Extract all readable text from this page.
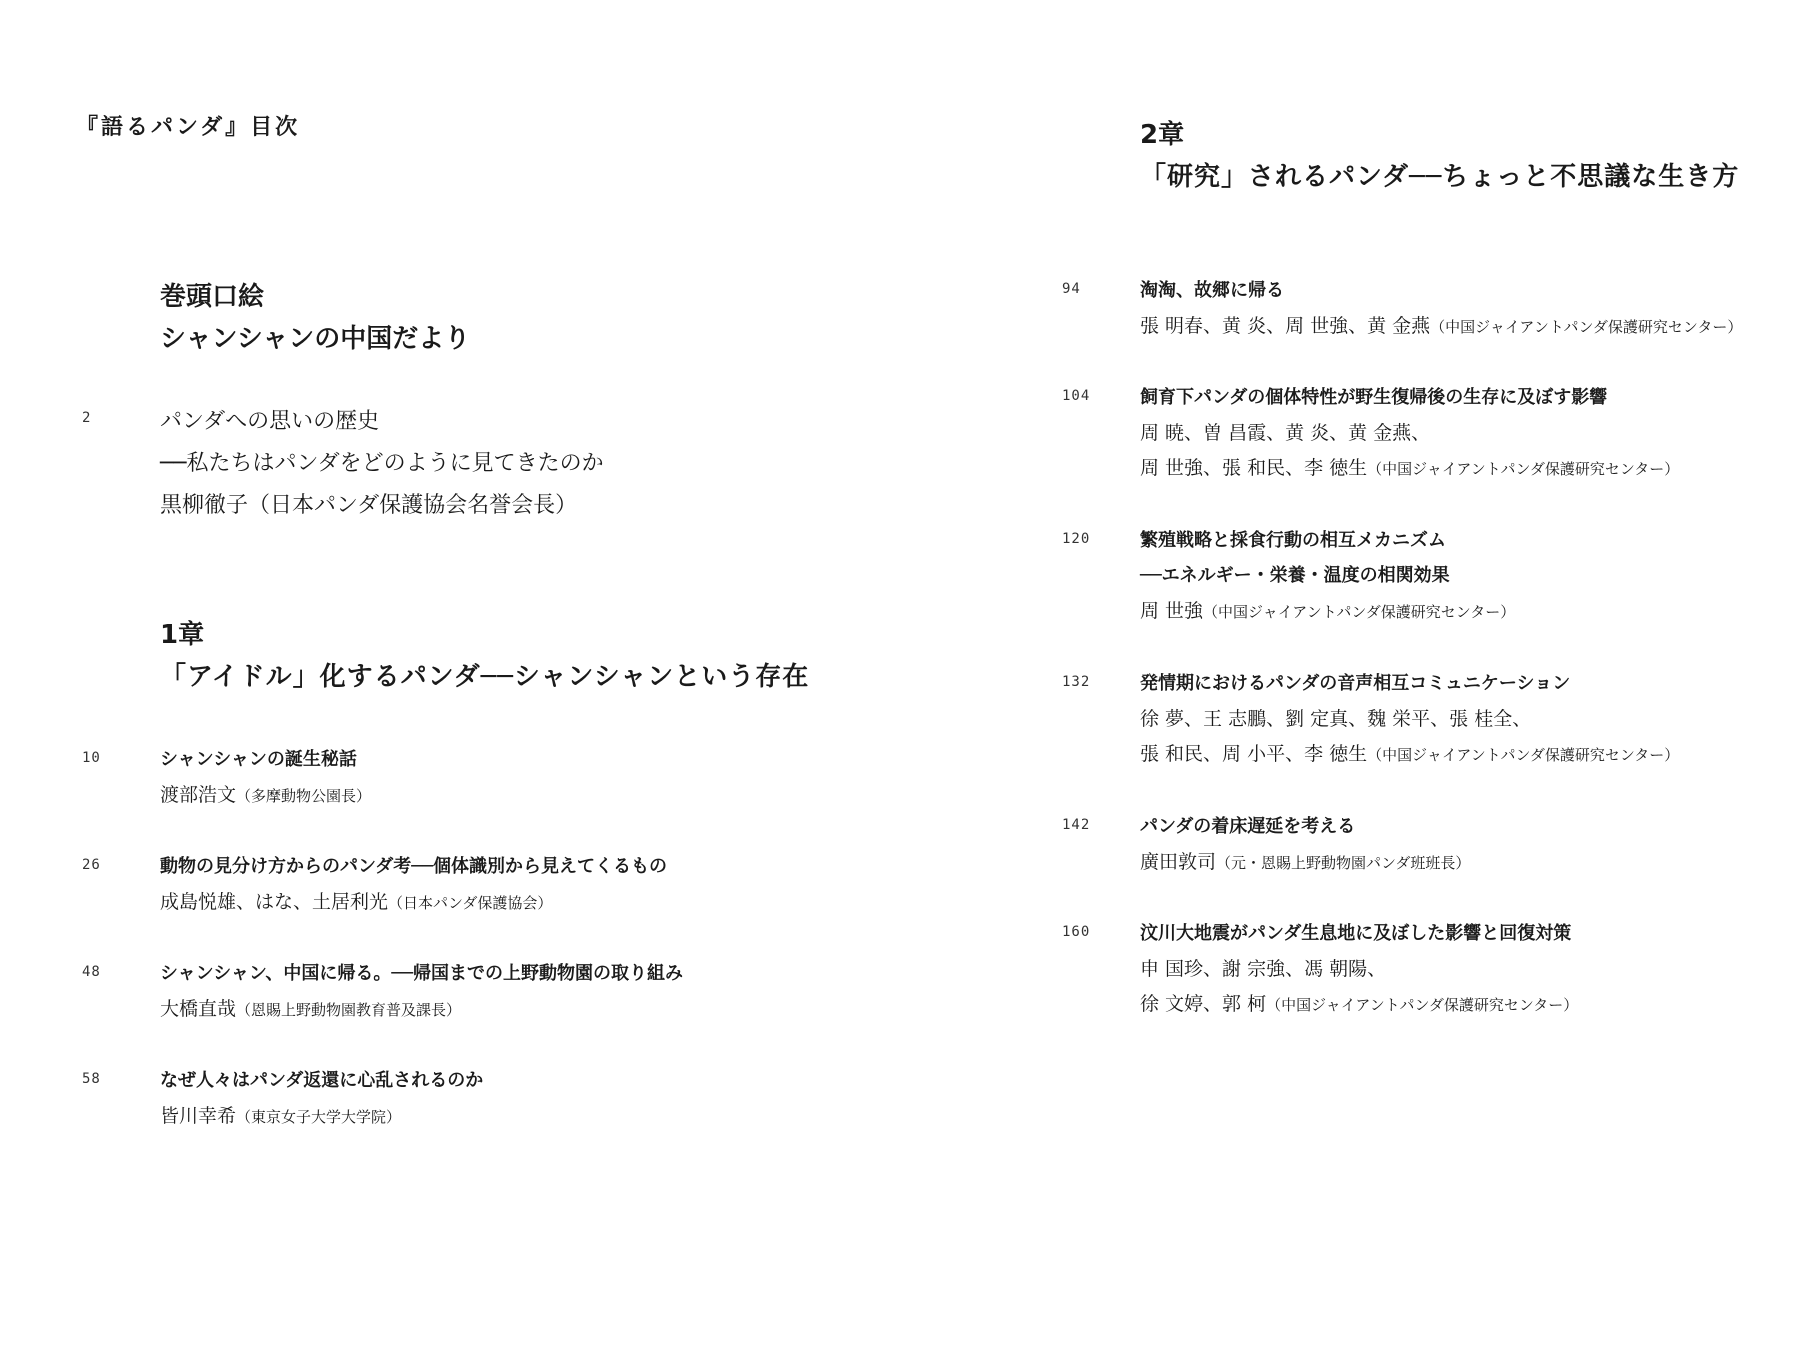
『語るパンダ』目次
巻頭口絵
シャンシャンの中国だより
2	パンダへの思いの歴史
──私たちはパンダをどのように見てきたのか
黒柳徹子（日本パンダ保護協会名誉会長）
1章
「アイドル」化するパンダ──シャンシャンという存在
10	シャンシャンの誕生秘話
渡部浩文（多摩動物公園長）
26	動物の見分け方からのパンダ考──個体識別から見えてくるもの
成島悦雄、はな、土居利光（日本パンダ保護協会）
48	シャンシャン、中国に帰る。──帰国までの上野動物園の取り組み
大橋直哉（恩賜上野動物園教育普及課長）
58	なぜ人々はパンダ返還に心乱されるのか
皆川幸希（東京女子大学大学院）
2章
「研究」されるパンダ──ちょっと不思議な生き方
94	淘淘、故郷に帰る
張 明春、黄 炎、周 世強、黄 金燕（中国ジャイアントパンダ保護研究センター）
104	飼育下パンダの個体特性が野生復帰後の生存に及ぼす影響
周 暁、曽 昌霞、黄 炎、黄 金燕、
周 世強、張 和民、李 徳生（中国ジャイアントパンダ保護研究センター）
120	繁殖戦略と採食行動の相互メカニズム
──エネルギー・栄養・温度の相関効果
周 世強（中国ジャイアントパンダ保護研究センター）
132	発情期におけるパンダの音声相互コミュニケーション
徐 夢、王 志鵬、劉 定真、魏 栄平、張 桂全、
張 和民、周 小平、李 徳生（中国ジャイアントパンダ保護研究センター）
142	パンダの着床遅延を考える
廣田敦司（元・恩賜上野動物園パンダ班班長）
160	汶川大地震がパンダ生息地に及ぼした影響と回復対策
申 国珍、謝 宗強、馮 朝陽、
徐 文婷、郭 柯（中国ジャイアントパンダ保護研究センター）
